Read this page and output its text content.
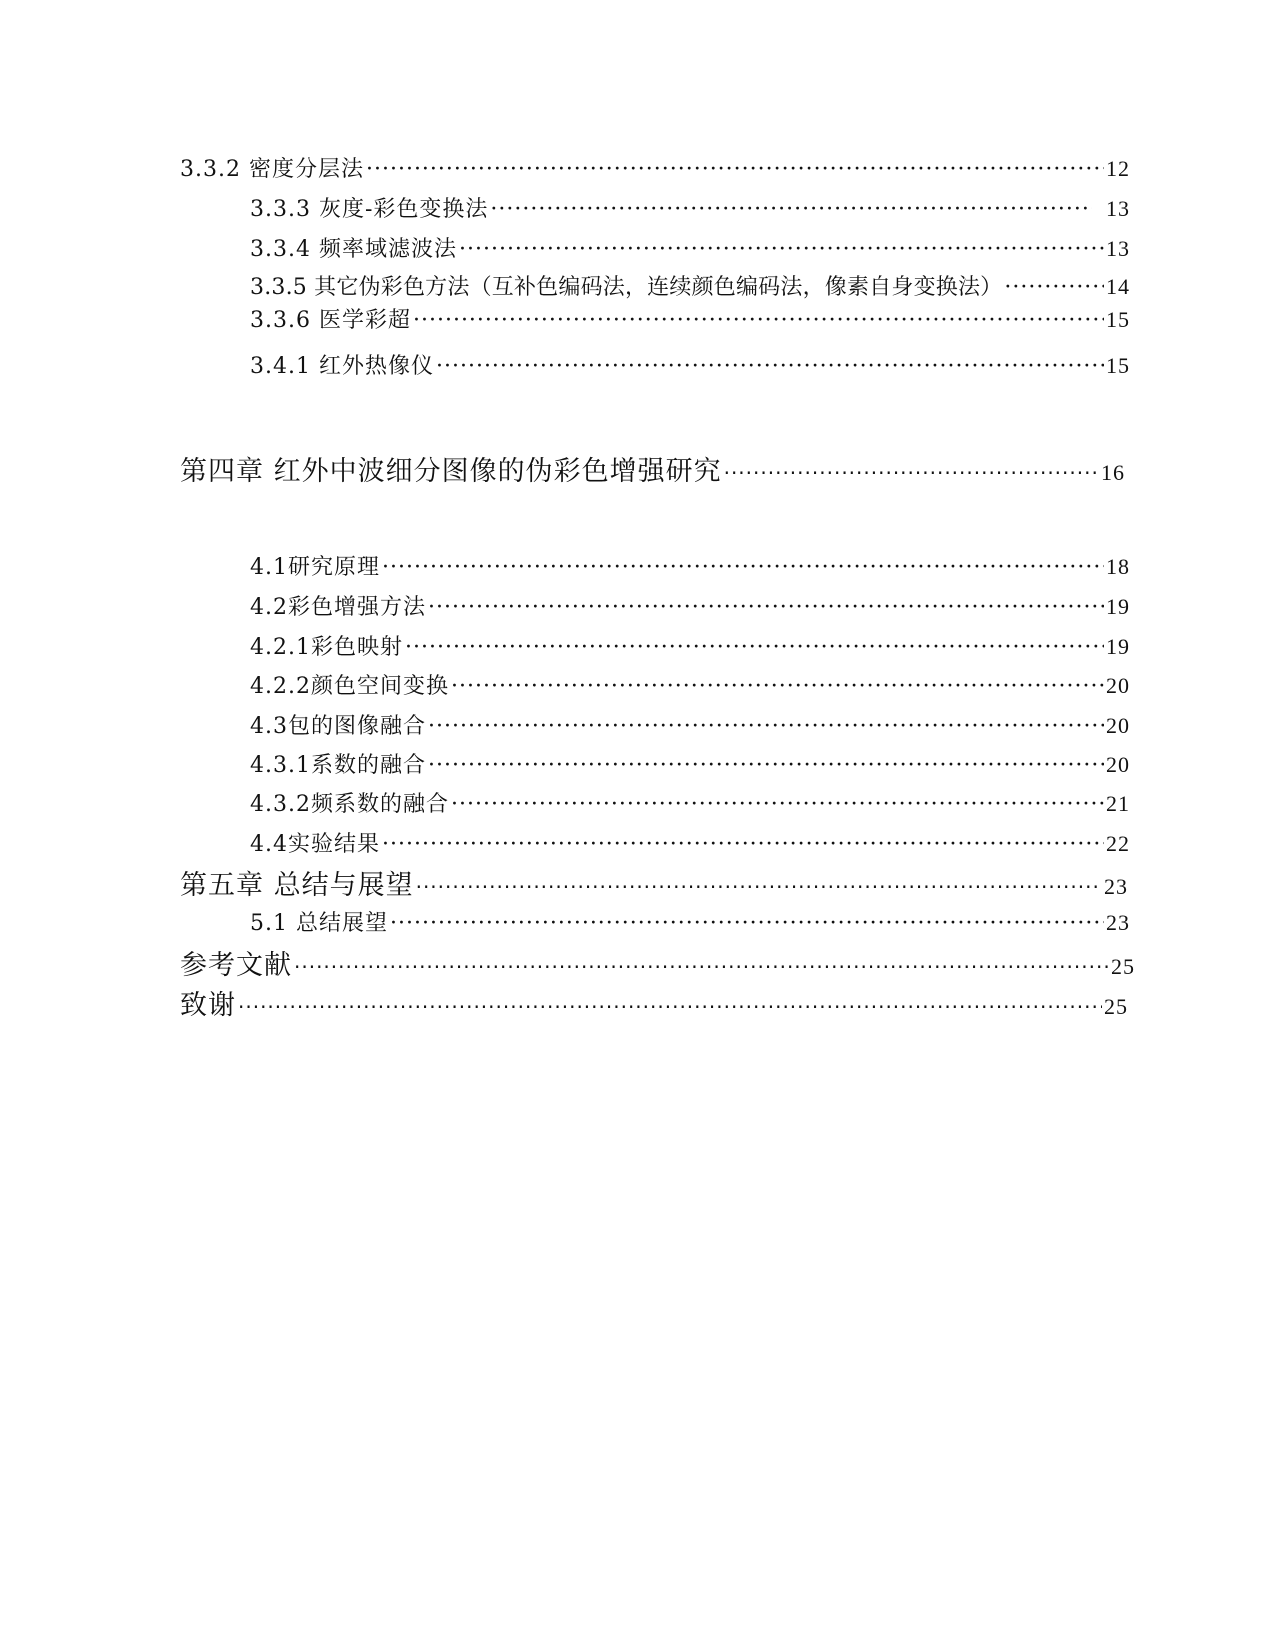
3.3.2 密度分层法 ·····	12
3.3.3 灰度-彩色变换法 ·····	13
3.3.4 频率域滤波法 ·····	13
3.3.5 其它伪彩色方法（互补色编码法，连续颜色编码法，像素自身变换法） ·····	14
3.3.6 医学彩超 ·····	15
3.4.1 红外热像仪 ·····	15
第四章 红外中波细分图像的伪彩色增强研究 ·····	16
4.1研究原理 ·····	18
4.2彩色增强方法 ·····	19
4.2.1彩色映射 ·····	19
4.2.2颜色空间变换 ·····	20
4.3包的图像融合 ·····	20
4.3.1系数的融合 ·····	20
4.3.2频系数的融合 ·····	21
4.4实验结果 ·····	22
第五章 总结与展望 ·····	23
5.1 总结展望 ·····	23
参考文献 ·····	25
致谢 ·····	25
